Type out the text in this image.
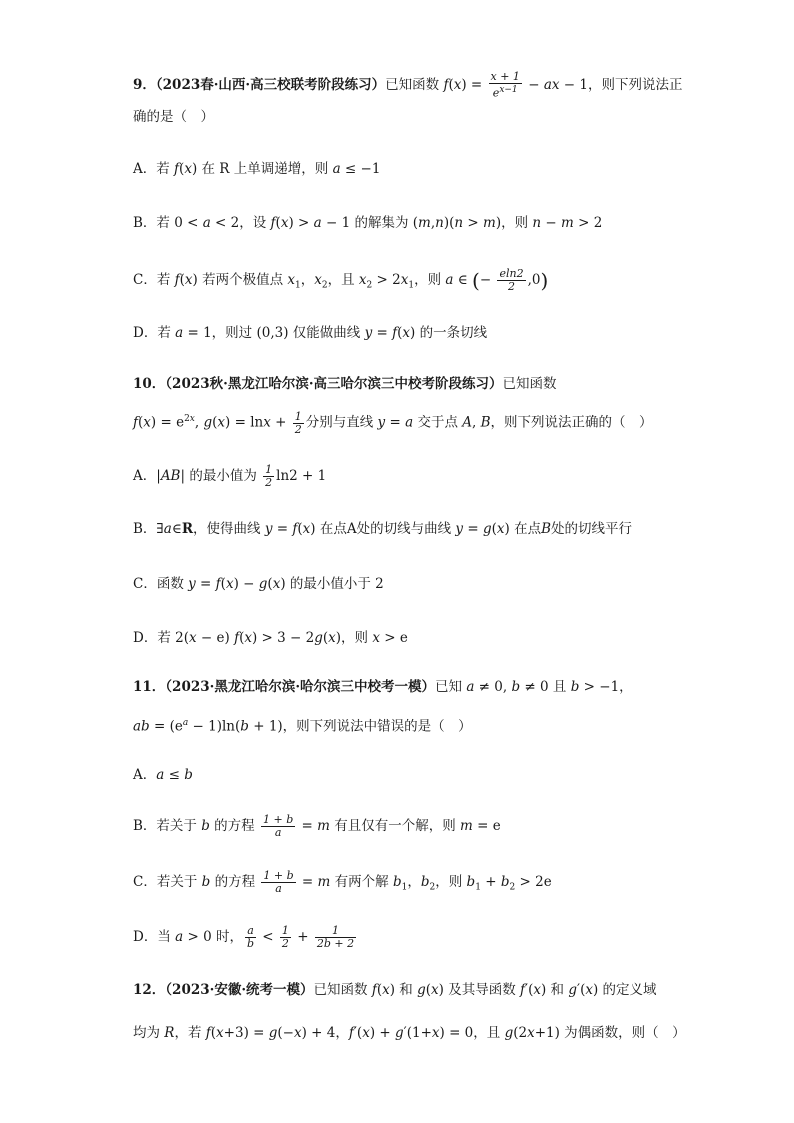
9．（2023春·山西·高三校联考阶段练习）已知函数 $f(x) = \frac{x + 1}{e^{x-1}}$ − ax − 1，则下列说法正
确的是（　）
A．若 f(x) 在 R 上单调递增，则 a ≤ −1
B．若 0 < a < 2，设 f(x) > a − 1 的解集为 (m,n)(n > m)，则 n − m > 2
C．若 f(x) 若两个极值点 $x_1$，$x_2$，且 $x_2 > 2x_1$，则 a ∈ (− $\frac{eln2}{2} ,0$)
D．若 a = 1，则过 (0,3) 仅能做曲线 y = f(x) 的一条切线
10．（2023秋·黑龙江哈尔滨·高三哈尔滨三中校考阶段练习）已知函数
$f(x) = e^{2x}$, $g(x) = \ln x + \frac{1}{2}$ 分别与直线 y = a 交于点 A, B，则下列说法正确的（　）
A．|AB| 的最小值为 $\frac{1}{2} \ln 2 + 1$
B．∃a∈R，使得曲线 y = f(x) 在点A处的切线与曲线 y = g(x) 在点B处的切线平行
C．函数 y = f(x) − g(x) 的最小值小于 2
D．若 2(x − e) f(x) > 3 − 2g(x)，则 x > e
11．（2023·黑龙江哈尔滨·哈尔滨三中校考一模）已知 a ≠ 0, b ≠ 0 且 b > −1，
ab = $(e^a - 1)\ln(b + 1)$，则下列说法中错误的是（　）
A．a ≤ b
B．若关于 b 的方程 $\frac{1 + b}{a} = m$ 有且仅有一个解，则 m = e
C．若关于 b 的方程 $\frac{1 + b}{a} = m$ 有两个解 $b_1$，$b_2$，则 $b_1 + b_2 > 2e$
D．当 a > 0 时， $\frac{a}{b} < \frac{1}{2} + \frac{1}{2b + 2}$
12．（2023·安徽·统考一模）已知函数 f(x) 和 g(x) 及其导函数 f′(x) 和 g′(x) 的定义域
均为 R，若 f(x+3) = g(−x) + 4，f′(x) + g′(1+x) = 0，且 g(2x+1) 为偶函数，则（　）
